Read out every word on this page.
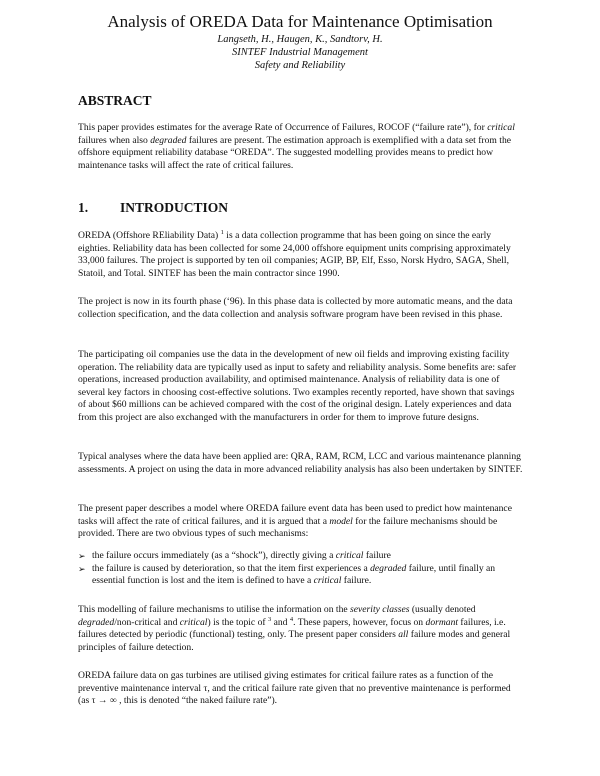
Analysis of OREDA Data for Maintenance Optimisation
Langseth, H., Haugen, K., Sandtorv, H.
SINTEF Industrial Management
Safety and Reliability
ABSTRACT

This paper provides estimates for the average Rate of Occurrence of Failures, ROCOF (“failure rate”), for critical failures when also degraded failures are present. The estimation approach is exemplified with a data set from the offshore equipment reliability database “OREDA”. The suggested modelling provides means to predict how maintenance tasks will affect the rate of critical failures.

1. INTRODUCTION

OREDA (Offshore REliability Data) $^1$ is a data collection programme that has been going on since the early eighties. Reliability data has been collected for some 24,000 offshore equipment units comprising approximately 33,000 failures. The project is supported by ten oil companies; AGIP, BP, Elf, Esso, Norsk Hydro, SAGA, Shell, Statoil, and Total. SINTEF has been the main contractor since 1990.

The project is now in its fourth phase (‘96). In this phase data is collected by more automatic means, and the data collection specification, and the data collection and analysis software program have been revised in this phase.

The participating oil companies use the data in the development of new oil fields and improving existing facility operation. The reliability data are typically used as input to safety and reliability analysis. Some benefits are: safer operations, increased production availability, and optimised maintenance. Analysis of reliability data is one of several key factors in choosing cost-effective solutions. Two examples recently reported, have shown that savings of about $60 millions can be achieved compared with the cost of the original design. Lately experiences and data from this project are also exchanged with the manufacturers in order for them to improve future designs.

Typical analyses where the data have been applied are: QRA, RAM, RCM, LCC and various maintenance planning assessments. A project on using the data in more advanced reliability analysis has also been undertaken by SINTEF.

The present paper describes a model where OREDA failure event data has been used to predict how maintenance tasks will affect the rate of critical failures, and it is argued that a model for the failure mechanisms should be provided. There are two obvious types of such mechanisms:

➢ the failure occurs immediately (as a “shock”), directly giving a critical failure
➢ the failure is caused by deterioration, so that the item first experiences a degraded failure, until finally an essential function is lost and the item is defined to have a critical failure.

This modelling of failure mechanisms to utilise the information on the severity classes (usually denoted degraded/non-critical and critical) is the topic of $^3$ and $^4$. These papers, however, focus on dormant failures, i.e. failures detected by periodic (functional) testing, only. The present paper considers all failure modes and general principles of failure detection.

OREDA failure data on gas turbines are utilised giving estimates for critical failure rates as a function of the preventive maintenance interval τ, and the critical failure rate given that no preventive maintenance is performed (as τ → ∞ , this is denoted “the naked failure rate”).
